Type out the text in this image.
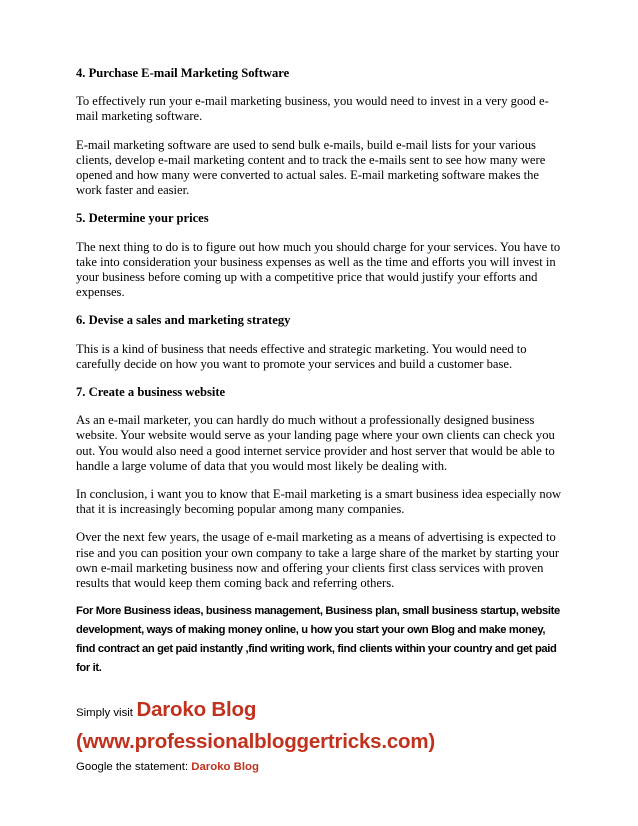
4. Purchase E-mail Marketing Software
To effectively run your e-mail marketing business, you would need to invest in a very good e-mail marketing software.
E-mail marketing software are used to send bulk e-mails, build e-mail lists for your various clients, develop e-mail marketing content and to track the e-mails sent to see how many were opened and how many were converted to actual sales. E-mail marketing software makes the work faster and easier.
5. Determine your prices
The next thing to do is to figure out how much you should charge for your services. You have to take into consideration your business expenses as well as the time and efforts you will invest in your business before coming up with a competitive price that would justify your efforts and expenses.
6. Devise a sales and marketing strategy
This is a kind of business that needs effective and strategic marketing. You would need to carefully decide on how you want to promote your services and build a customer base.
7. Create a business website
As an e-mail marketer, you can hardly do much without a professionally designed business website. Your website would serve as your landing page where your own clients can check you out. You would also need a good internet service provider and host server that would be able to handle a large volume of data that you would most likely be dealing with.
In conclusion, i want you to know that E-mail marketing is a smart business idea especially now that it is increasingly becoming popular among many companies.
Over the next few years, the usage of e-mail marketing as a means of advertising is expected to rise and you can position your own company to take a large share of the market by starting your own e-mail marketing business now and offering your clients first class services with proven results that would keep them coming back and referring others.
For More Business ideas, business management, Business plan, small business startup, website development, ways of making money online, u how you start your own Blog and make money, find contract an get paid instantly ,find writing work, find clients within your country and get paid for it.
Simply visit Daroko Blog
(www.professionalbloggertricks.com)
Google the statement: Daroko Blog
